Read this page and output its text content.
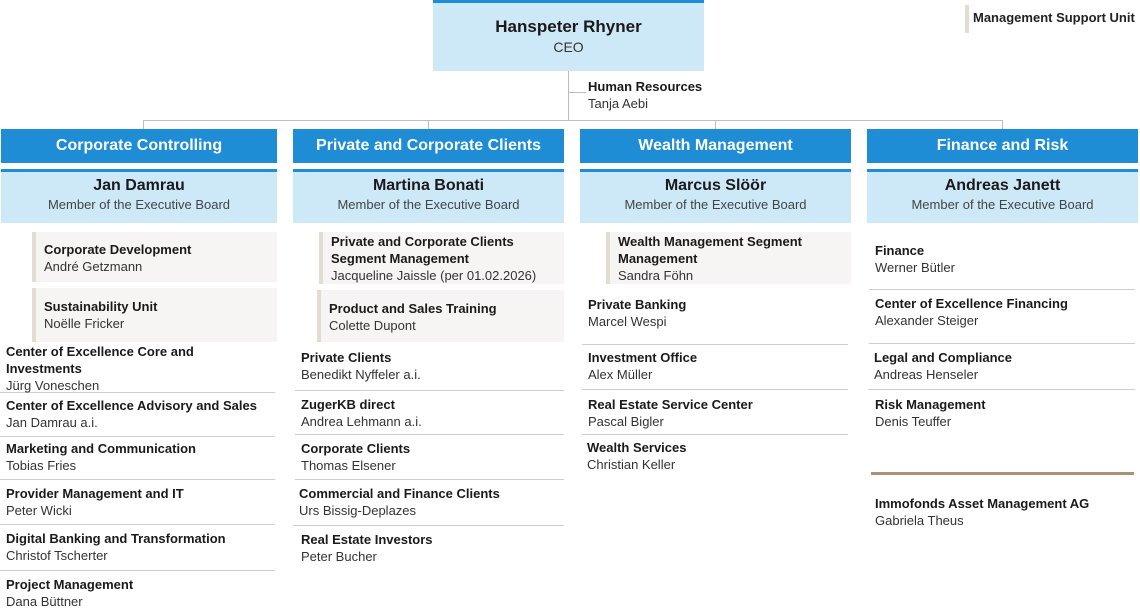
Hanspeter Rhyner
CEO
Management Support Unit
Human Resources
Tanja Aebi
Corporate Controlling
Jan Damrau
Member of the Executive Board
Corporate Development
André Getzmann
Sustainability Unit
Noëlle Fricker
Center of Excellence Core and Investments
Jürg Voneschen
Center of Excellence Advisory and Sales
Jan Damrau a.i.
Marketing and Communication
Tobias Fries
Provider Management and IT
Peter Wicki
Digital Banking and Transformation
Christof Tscherter
Project Management
Dana Büttner
Private and Corporate Clients
Martina Bonati
Member of the Executive Board
Private and Corporate Clients Segment Management
Jacqueline Jaissle (per 01.02.2026)
Product and Sales Training
Colette Dupont
Private Clients
Benedikt Nyffeler a.i.
ZugerKB direct
Andrea Lehmann a.i.
Corporate Clients
Thomas Elsener
Commercial and Finance Clients
Urs Bissig-Deplazes
Real Estate Investors
Peter Bucher
Wealth Management
Marcus Slöör
Member of the Executive Board
Wealth Management Segment Management
Sandra Föhn
Private Banking
Marcel Wespi
Investment Office
Alex Müller
Real Estate Service Center
Pascal Bigler
Wealth Services
Christian Keller
Finance and Risk
Andreas Janett
Member of the Executive Board
Finance
Werner Bütler
Center of Excellence Financing
Alexander Steiger
Legal and Compliance
Andreas Henseler
Risk Management
Denis Teuffer
Immofonds Asset Management AG
Gabriela Theus
